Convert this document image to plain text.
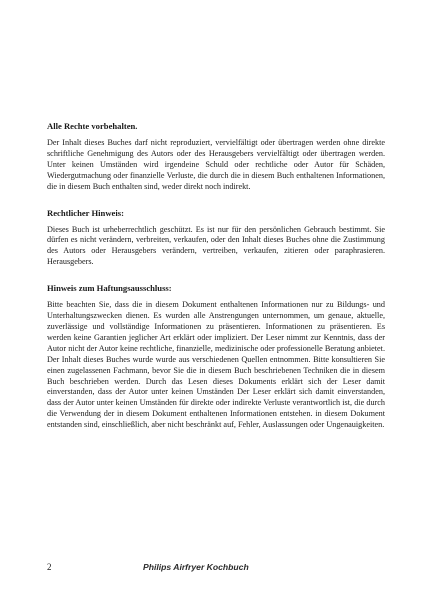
Alle Rechte vorbehalten.

Der Inhalt dieses Buches darf nicht reproduziert, vervielfältigt oder übertragen werden ohne direkte schriftliche Genehmigung des Autors oder des Herausgebers vervielfältigt oder übertragen werden. Unter keinen Umständen wird irgendeine Schuld oder rechtliche oder Autor für Schäden, Wiedergutmachung oder finanzielle Verluste, die durch die in diesem Buch enthaltenen Informationen, die in diesem Buch enthalten sind, weder direkt noch indirekt.

Rechtlicher Hinweis:

Dieses Buch ist urheberrechtlich geschützt. Es ist nur für den persönlichen Gebrauch bestimmt. Sie dürfen es nicht verändern, verbreiten, verkaufen, oder den Inhalt dieses Buches ohne die Zustimmung des Autors oder Herausgebers verändern, vertreiben, verkaufen, zitieren oder paraphrasieren. Herausgebers.

Hinweis zum Haftungsausschluss:

Bitte beachten Sie, dass die in diesem Dokument enthaltenen Informationen nur zu Bildungs- und Unterhaltungszwecken dienen. Es wurden alle Anstrengungen unternommen, um genaue, aktuelle, zuverlässige und vollständige Informationen zu präsentieren. Informationen zu präsentieren. Es werden keine Garantien jeglicher Art erklärt oder impliziert. Der Leser nimmt zur Kenntnis, dass der Autor nicht der Autor keine rechtliche, finanzielle, medizinische oder professionelle Beratung anbietet. Der Inhalt dieses Buches wurde wurde aus verschiedenen Quellen entnommen. Bitte konsultieren Sie einen zugelassenen Fachmann, bevor Sie die in diesem Buch beschriebenen Techniken die in diesem Buch beschrieben werden. Durch das Lesen dieses Dokuments erklärt sich der Leser damit einverstanden, dass der Autor unter keinen Umständen Der Leser erklärt sich damit einverstanden, dass der Autor unter keinen Umständen für direkte oder indirekte Verluste verantwortlich ist, die durch die Verwendung der in diesem Dokument enthaltenen Informationen entstehen. in diesem Dokument entstanden sind, einschließlich, aber nicht beschränkt auf, Fehler, Auslassungen oder Ungenauigkeiten.

2	Philips Airfryer Kochbuch
